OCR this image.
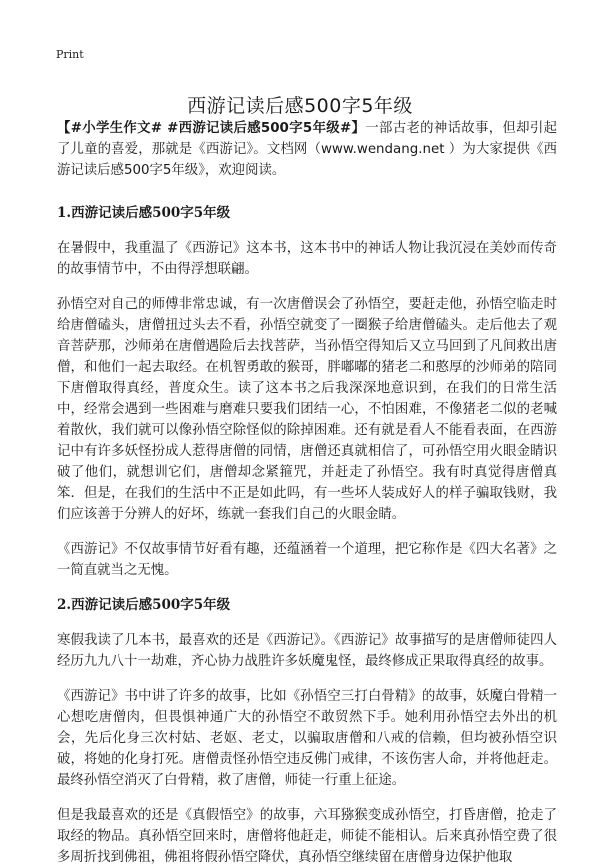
Print
西游记读后感500字5年级

【#小学生作文# #西游记读后感500字5年级#】一部古老的神话故事，但却引起了儿童的喜爱，那就是《西游记》。文档网（www.wendang.net ）为大家提供《西游记读后感500字5年级》，欢迎阅读。

1.西游记读后感500字5年级

在暑假中，我重温了《西游记》这本书，这本书中的神话人物让我沉浸在美妙而传奇的故事情节中，不由得浮想联翩。

孙悟空对自己的师傅非常忠诚，有一次唐僧误会了孙悟空，要赶走他，孙悟空临走时给唐僧磕头，唐僧扭过头去不看，孙悟空就变了一圈猴子给唐僧磕头。走后他去了观音菩萨那，沙师弟在唐僧遇险后去找菩萨，当孙悟空得知后又立马回到了凡间救出唐僧，和他们一起去取经。在机智勇敢的猴哥，胖嘟嘟的猪老二和憨厚的沙师弟的陪同下唐僧取得真经，普度众生。读了这本书之后我深深地意识到，在我们的日常生活中，经常会遇到一些困难与磨难只要我们团结一心，不怕困难，不像猪老二似的老喊着散伙，我们就可以像孙悟空除怪似的除掉困难。还有就是看人不能看表面，在西游记中有许多妖怪扮成人惹得唐僧的同情，唐僧还真就相信了，可孙悟空用火眼金睛识破了他们，就想训它们，唐僧却念紧箍咒，并赶走了孙悟空。我有时真觉得唐僧真笨．但是，在我们的生活中不正是如此吗，有一些坏人装成好人的样子骗取钱财，我们应该善于分辨人的好坏，练就一套我们自己的火眼金睛。

《西游记》不仅故事情节好看有趣，还蕴涵着一个道理，把它称作是《四大名著》之一简直就当之无愧。

2.西游记读后感500字5年级

寒假我读了几本书，最喜欢的还是《西游记》。《西游记》故事描写的是唐僧师徒四人经历九九八十一劫难，齐心协力战胜许多妖魔鬼怪，最终修成正果取得真经的故事。

《西游记》书中讲了许多的故事，比如《孙悟空三打白骨精》的故事，妖魔白骨精一心想吃唐僧肉，但畏惧神通广大的孙悟空不敢贸然下手。她利用孙悟空去外出的机会，先后化身三次村姑、老妪、老丈，以骗取唐僧和八戒的信赖，但均被孙悟空识破，将她的化身打死。唐僧责怪孙悟空违反佛门戒律，不该伤害人命，并将他赶走。最终孙悟空消灭了白骨精，救了唐僧，师徒一行重上征途。

但是我最喜欢的还是《真假悟空》的故事，六耳猕猴变成孙悟空，打昏唐僧，抢走了取经的物品。真孙悟空回来时，唐僧将他赶走，师徒不能相认。后来真孙悟空费了很多周折找到佛祖，佛祖将假孙悟空降伏，真孙悟空继续留在唐僧身边保护他取
